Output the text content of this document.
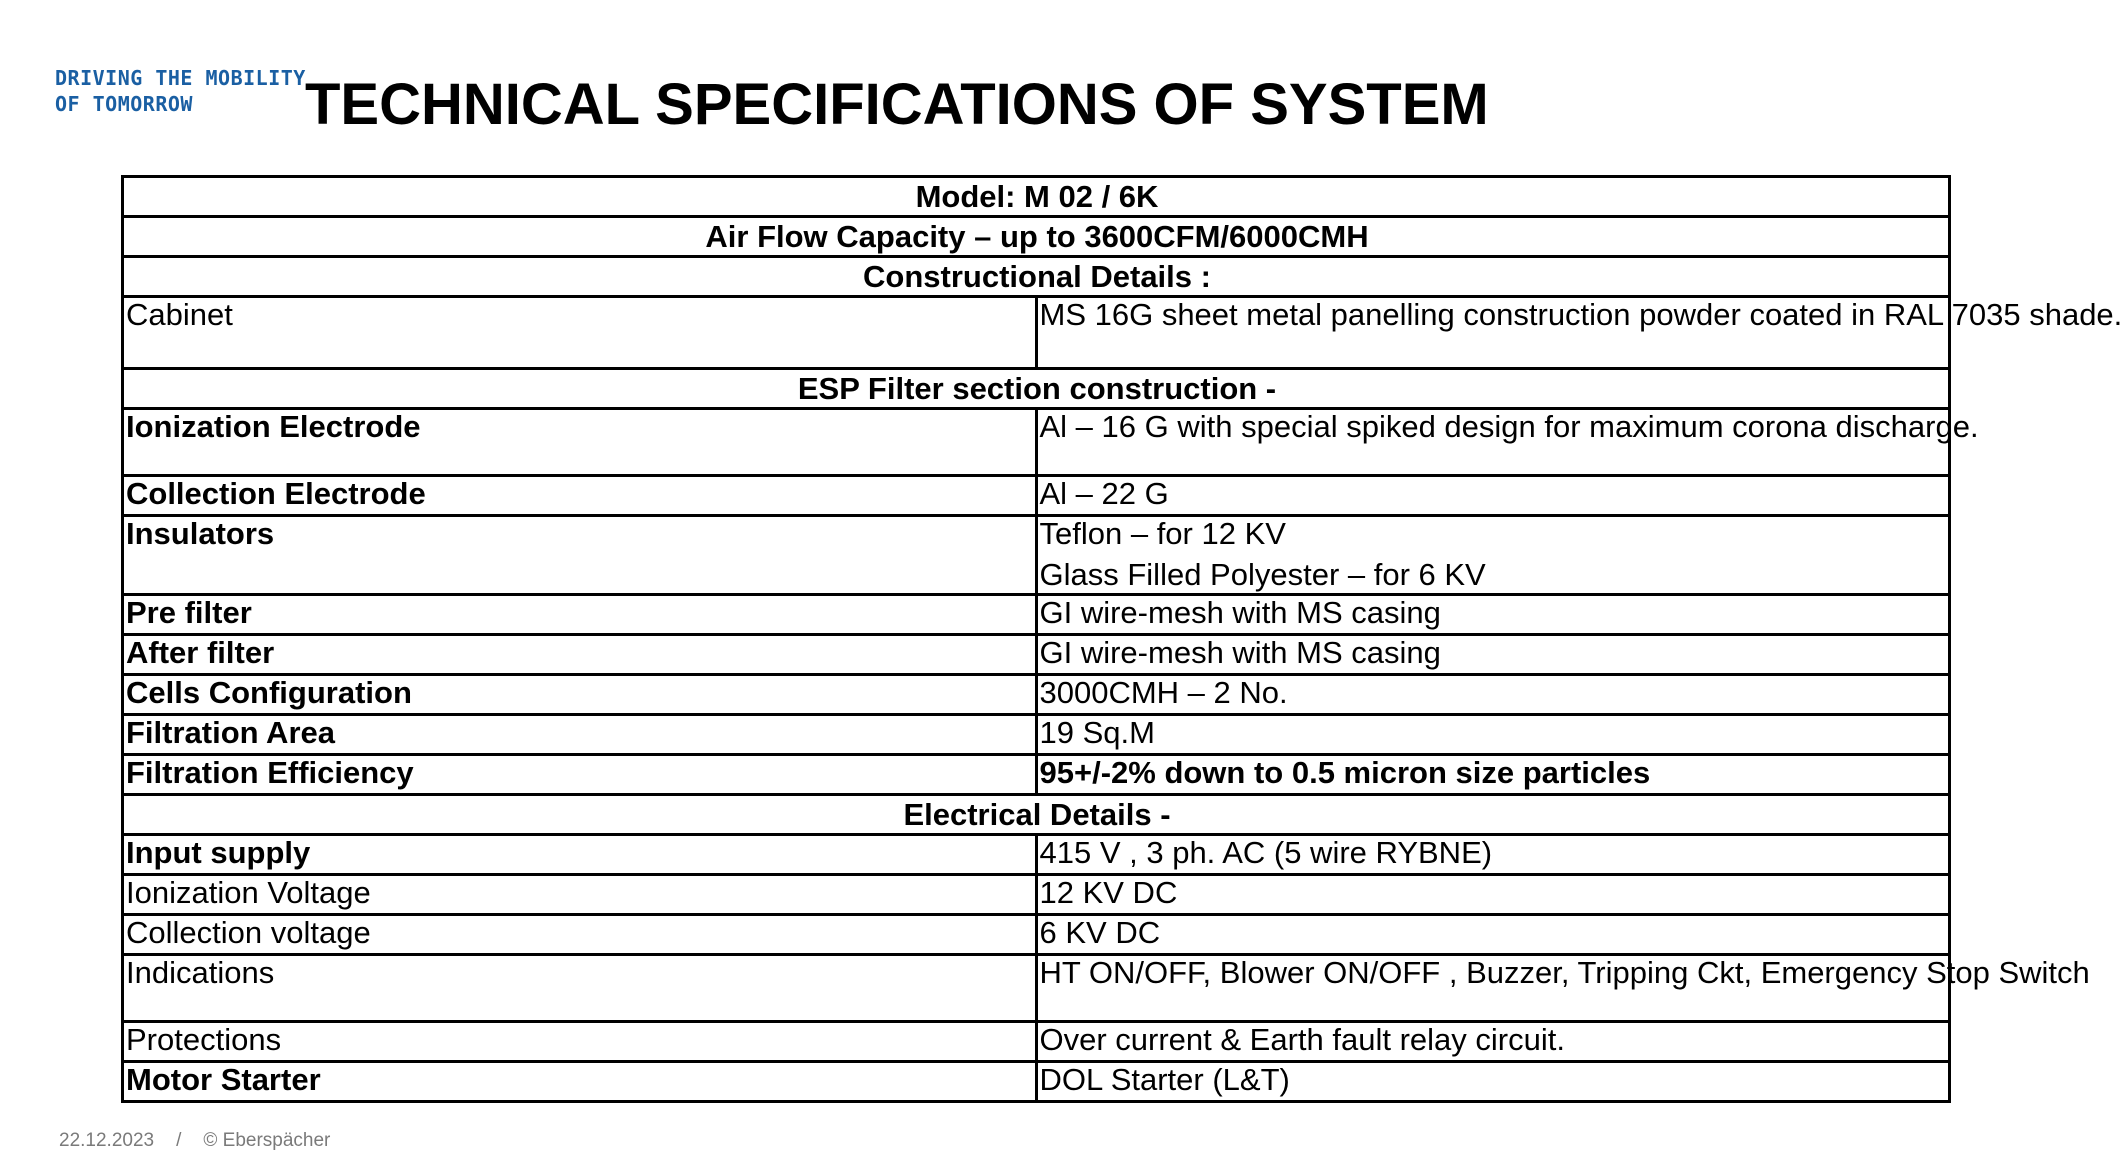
DRIVING THE MOBILITY
OF TOMORROW	TECHNICAL SPECIFICATIONS OF SYSTEM
Model: M 02 / 6K	
Air Flow Capacity – up to 3600CFM/6000CMH	
Constructional Details :	
Cabinet	MS 16G sheet metal panelling construction powder coated in RAL 7035 shade.
ESP Filter section construction -	
Ionization Electrode	Al – 16 G with special spiked design for maximum corona discharge.
Collection Electrode	Al – 22 G
Insulators	Teflon – for 12 KV
Glass Filled Polyester – for 6 KV

Pre filter	GI wire-mesh with MS casing
After filter	GI wire-mesh with MS casing
Cells Configuration	3000CMH – 2 No.
Filtration Area	19 Sq.M
Filtration Efficiency	95+/-2% down to 0.5 micron size particles
Electrical Details -	
Input supply	415 V , 3 ph. AC (5 wire RYBNE)
Ionization Voltage	12 KV DC
Collection voltage	6 KV DC
Indications	HT ON/OFF, Blower ON/OFF , Buzzer, Tripping Ckt, Emergency Stop Switch
Protections	Over current & Earth fault relay circuit.
Motor Starter	DOL Starter (L&T)
22.12.2023 / © Eberspächer
